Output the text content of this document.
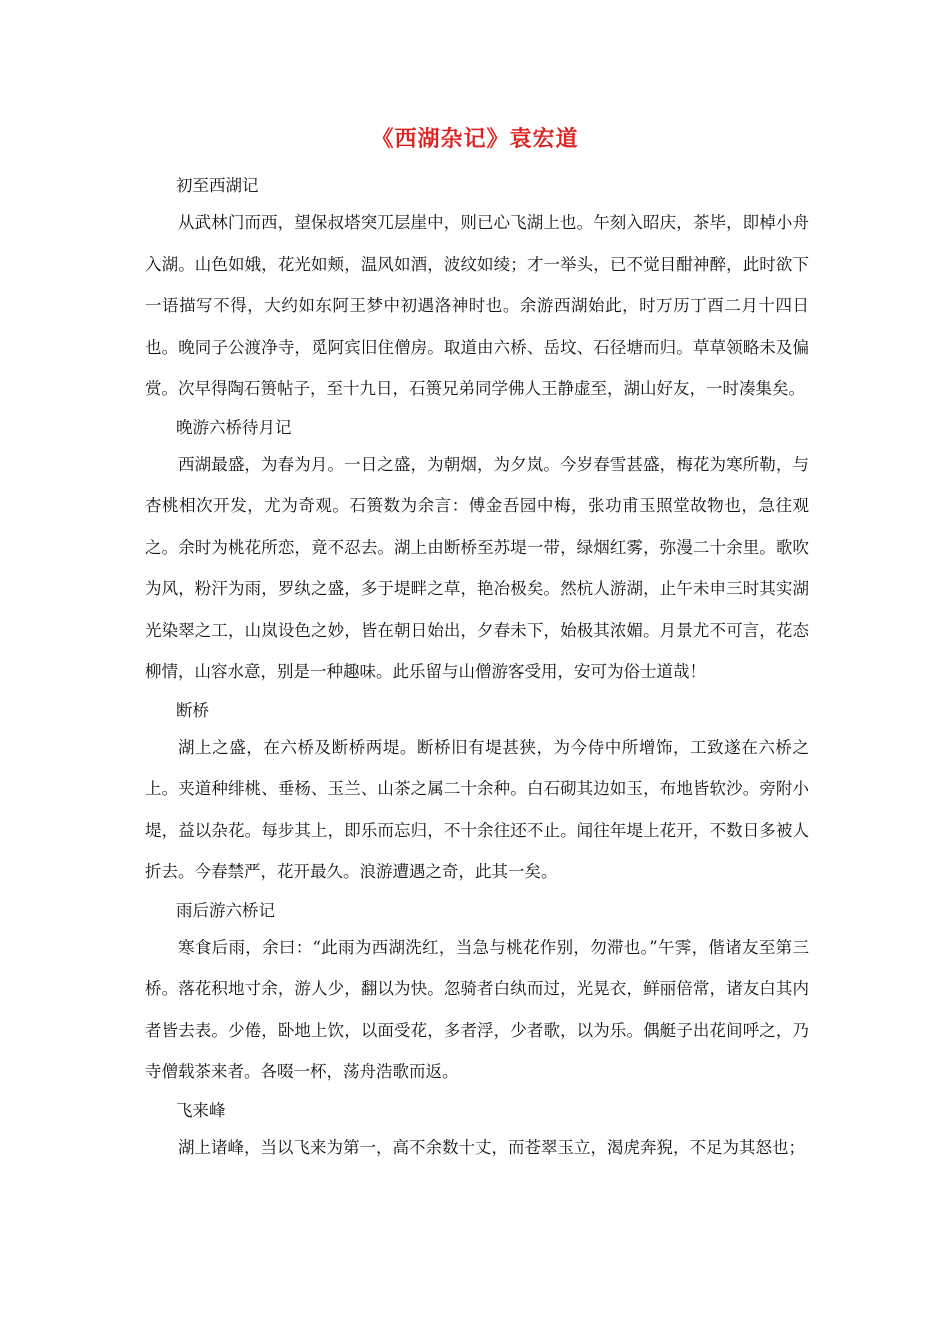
《西湖杂记》袁宏道

初至西湖记

从武林门而西，望保叔塔突兀层崖中，则已心飞湖上也。午刻入昭庆，茶毕，即棹小舟入湖。山色如娥，花光如颊，温风如酒，波纹如绫；才一举头，已不觉目酣神醉，此时欲下一语描写不得，大约如东阿王梦中初遇洛神时也。余游西湖始此，时万历丁酉二月十四日也。晚同子公渡净寺，觅阿宾旧住僧房。取道由六桥、岳坟、石径塘而归。草草领略未及偏赏。次早得陶石篑帖子，至十九日，石篑兄弟同学佛人王静虚至，湖山好友，一时凑集矣。

晚游六桥待月记

西湖最盛，为春为月。一日之盛，为朝烟，为夕岚。今岁春雪甚盛，梅花为寒所勒，与杏桃相次开发，尤为奇观。石篑数为余言：傅金吾园中梅，张功甫玉照堂故物也，急往观之。余时为桃花所恋，竟不忍去。湖上由断桥至苏堤一带，绿烟红雾，弥漫二十余里。歌吹为风，粉汗为雨，罗纨之盛，多于堤畔之草，艳冶极矣。然杭人游湖，止午未申三时其实湖光染翠之工，山岚设色之妙，皆在朝日始出，夕春未下，始极其浓媚。月景尤不可言，花态柳情，山容水意，别是一种趣味。此乐留与山僧游客受用，安可为俗士道哉！

断桥

湖上之盛，在六桥及断桥两堤。断桥旧有堤甚狭，为今侍中所增饰，工致遂在六桥之上。夹道种绯桃、垂杨、玉兰、山茶之属二十余种。白石砌其边如玉，布地皆软沙。旁附小堤，益以杂花。每步其上，即乐而忘归，不十余往还不止。闻往年堤上花开，不数日多被人折去。今春禁严，花开最久。浪游遭遇之奇，此其一矣。

雨后游六桥记

寒食后雨，余曰：“此雨为西湖洗红，当急与桃花作别，勿滞也。”午霁，偕诸友至第三桥。落花积地寸余，游人少，翻以为快。忽骑者白纨而过，光晃衣，鲜丽倍常，诸友白其内者皆去表。少倦，卧地上饮，以面受花，多者浮，少者歌，以为乐。偶艇子出花间呼之，乃寺僧载茶来者。各啜一杯，荡舟浩歌而返。

飞来峰

湖上诸峰，当以飞来为第一，高不余数十丈，而苍翠玉立，渴虎奔猊，不足为其怒也；
